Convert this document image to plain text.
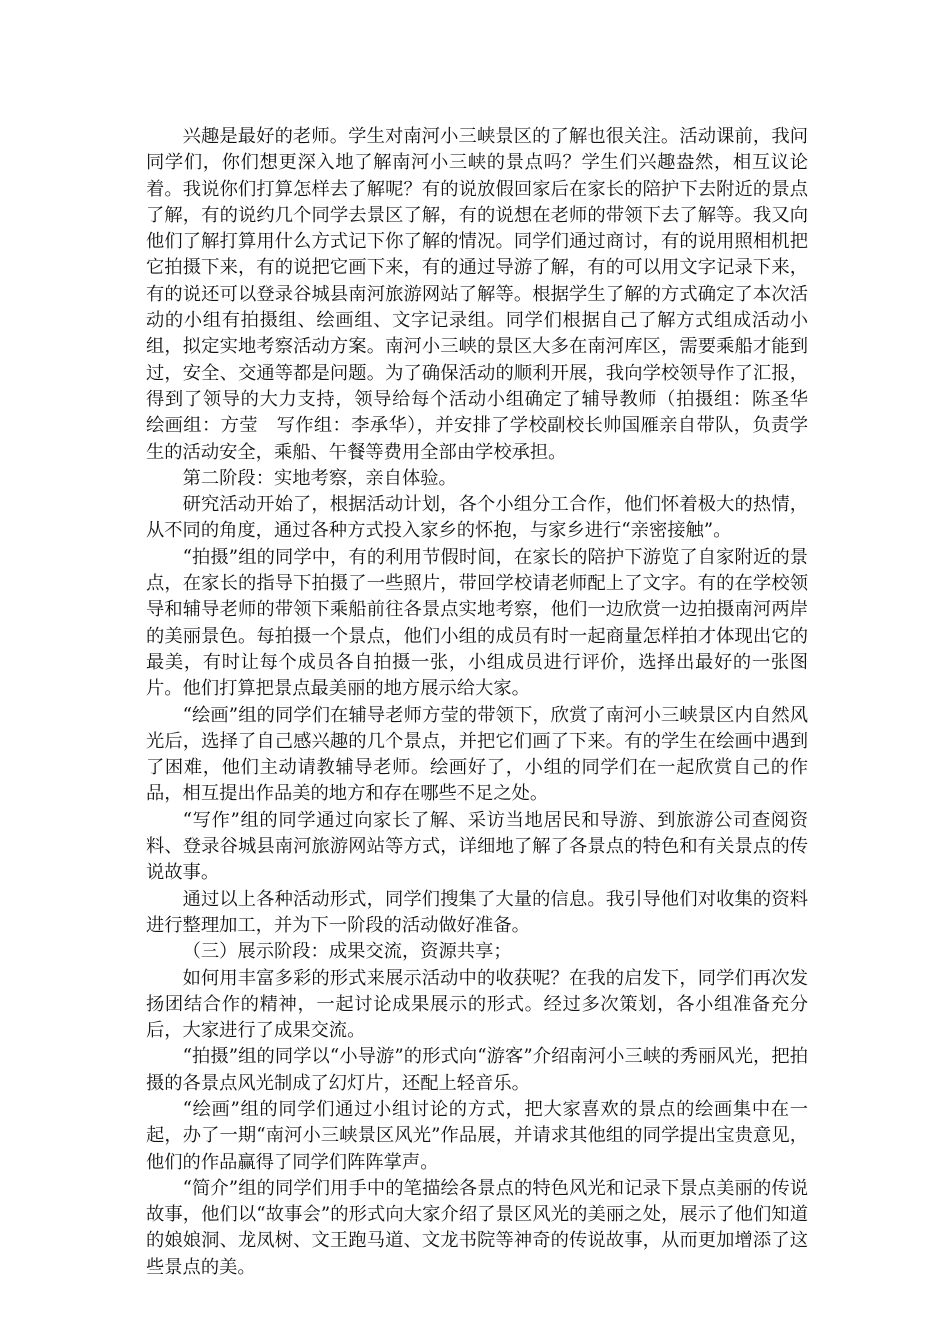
兴趣是最好的老师。学生对南河小三峡景区的了解也很关注。活动课前，我问同学们，你们想更深入地了解南河小三峡的景点吗？学生们兴趣盎然，相互议论着。我说你们打算怎样去了解呢？有的说放假回家后在家长的陪护下去附近的景点了解，有的说约几个同学去景区了解，有的说想在老师的带领下去了解等。我又向他们了解打算用什么方式记下你了解的情况。同学们通过商讨，有的说用照相机把它拍摄下来，有的说把它画下来，有的通过导游了解，有的可以用文字记录下来，有的说还可以登录谷城县南河旅游网站了解等。根据学生了解的方式确定了本次活动的小组有拍摄组、绘画组、文字记录组。同学们根据自己了解方式组成活动小组，拟定实地考察活动方案。南河小三峡的景区大多在南河库区，需要乘船才能到过，安全、交通等都是问题。为了确保活动的顺利开展，我向学校领导作了汇报，得到了领导的大力支持，领导给每个活动小组确定了辅导教师（拍摄组：陈圣华　绘画组：方莹　写作组：李承华），并安排了学校副校长帅国雁亲自带队，负责学生的活动安全，乘船、午餐等费用全部由学校承担。

第二阶段：实地考察，亲自体验。

研究活动开始了，根据活动计划，各个小组分工合作，他们怀着极大的热情，从不同的角度，通过各种方式投入家乡的怀抱，与家乡进行“亲密接触”。

“拍摄”组的同学中，有的利用节假时间，在家长的陪护下游览了自家附近的景点，在家长的指导下拍摄了一些照片，带回学校请老师配上了文字。有的在学校领导和辅导老师的带领下乘船前往各景点实地考察，他们一边欣赏一边拍摄南河两岸的美丽景色。每拍摄一个景点，他们小组的成员有时一起商量怎样拍才体现出它的最美，有时让每个成员各自拍摄一张，小组成员进行评价，选择出最好的一张图片。他们打算把景点最美丽的地方展示给大家。

“绘画”组的同学们在辅导老师方莹的带领下，欣赏了南河小三峡景区内自然风光后，选择了自己感兴趣的几个景点，并把它们画了下来。有的学生在绘画中遇到了困难，他们主动请教辅导老师。绘画好了，小组的同学们在一起欣赏自己的作品，相互提出作品美的地方和存在哪些不足之处。

“写作”组的同学通过向家长了解、采访当地居民和导游、到旅游公司查阅资料、登录谷城县南河旅游网站等方式，详细地了解了各景点的特色和有关景点的传说故事。

通过以上各种活动形式，同学们搜集了大量的信息。我引导他们对收集的资料进行整理加工，并为下一阶段的活动做好准备。

（三）展示阶段：成果交流，资源共享；

如何用丰富多彩的形式来展示活动中的收获呢？在我的启发下，同学们再次发扬团结合作的精神，一起讨论成果展示的形式。经过多次策划，各小组准备充分后，大家进行了成果交流。

“拍摄”组的同学以“小导游”的形式向“游客”介绍南河小三峡的秀丽风光，把拍摄的各景点风光制成了幻灯片，还配上轻音乐。

“绘画”组的同学们通过小组讨论的方式，把大家喜欢的景点的绘画集中在一起，办了一期“南河小三峡景区风光”作品展，并请求其他组的同学提出宝贵意见，他们的作品赢得了同学们阵阵掌声。

“简介”组的同学们用手中的笔描绘各景点的特色风光和记录下景点美丽的传说故事，他们以“故事会”的形式向大家介绍了景区风光的美丽之处，展示了他们知道的娘娘洞、龙凤树、文王跑马道、文龙书院等神奇的传说故事，从而更加增添了这些景点的美。
